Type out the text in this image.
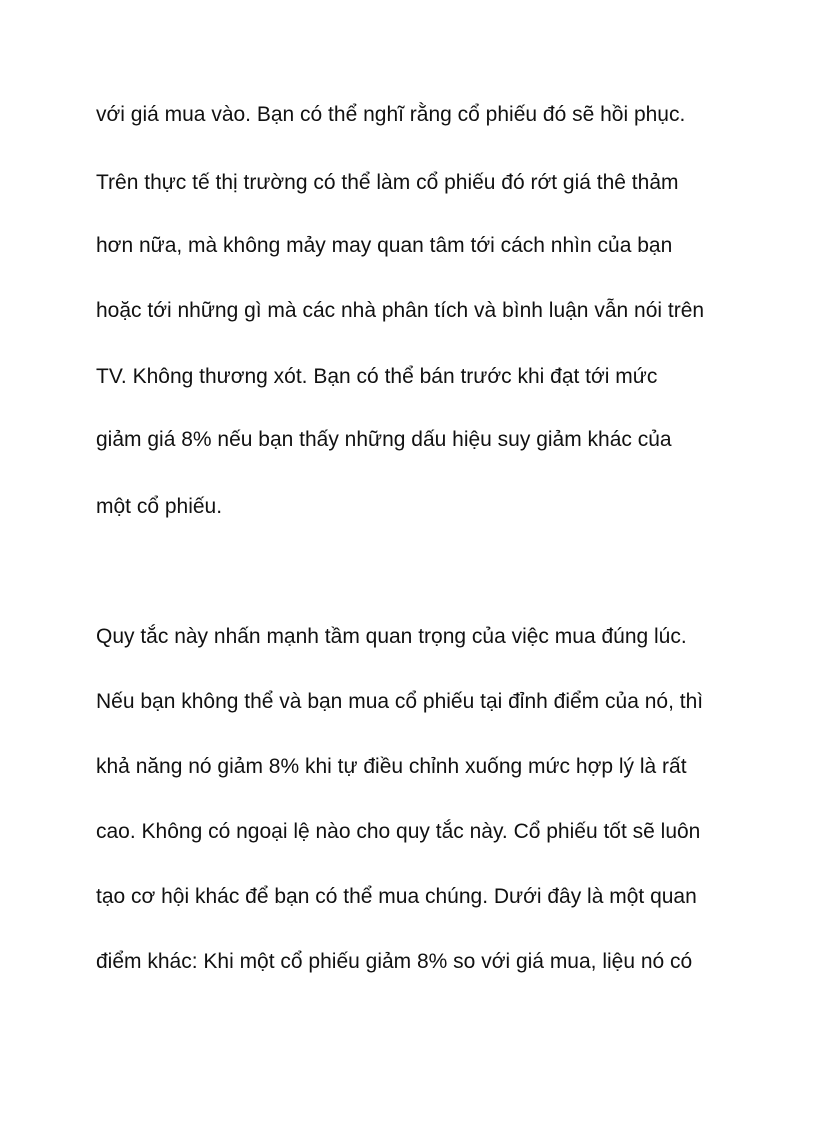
với giá mua vào. Bạn có thể nghĩ rằng cổ phiếu đó sẽ hồi phục.
Trên thực tế thị trường có thể làm cổ phiếu đó rớt giá thê thảm
hơn nữa, mà không mảy may quan tâm tới cách nhìn của bạn
hoặc tới những gì mà các nhà phân tích và bình luận vẫn nói trên
TV. Không thương xót. Bạn có thể bán trước khi đạt tới mức
giảm giá 8% nếu bạn thấy những dấu hiệu suy giảm khác của
một cổ phiếu.
Quy tắc này nhấn mạnh tầm quan trọng của việc mua đúng lúc.
Nếu bạn không thể và bạn mua cổ phiếu tại đỉnh điểm của nó, thì
khả năng nó giảm 8% khi tự điều chỉnh xuống mức hợp lý là rất
cao. Không có ngoại lệ nào cho quy tắc này. Cổ phiếu tốt sẽ luôn
tạo cơ hội khác để bạn có thể mua chúng. Dưới đây là một quan
điểm khác: Khi một cổ phiếu giảm 8% so với giá mua, liệu nó có
